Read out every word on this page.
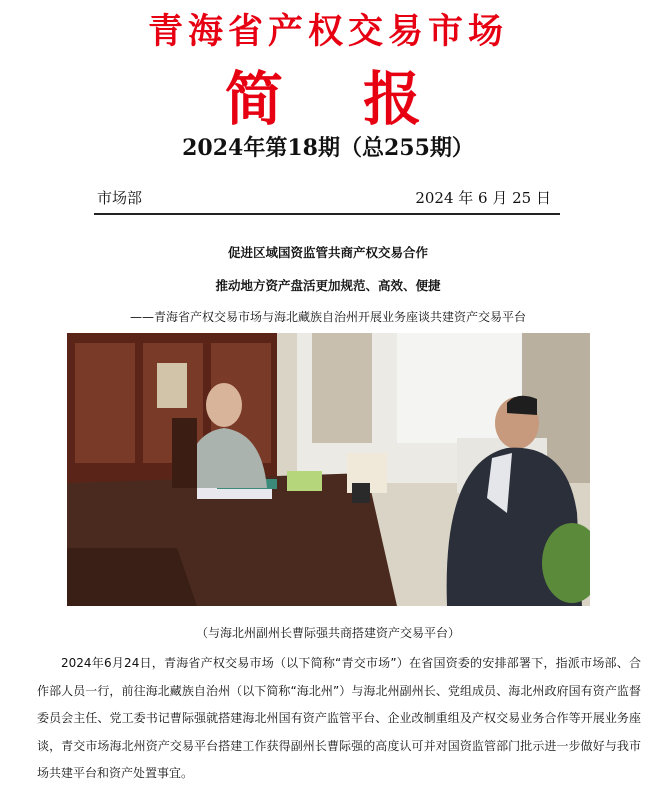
青海省产权交易市场
简 报
2024年第18期（总255期）
市场部	2024 年 6 月 25 日
促进区域国资监管共商产权交易合作
推动地方资产盘活更加规范、高效、便捷
——青海省产权交易市场与海北藏族自治州开展业务座谈共建资产交易平台
（与海北州副州长曹际强共商搭建资产交易平台）

2024年6月24日，青海省产权交易市场（以下简称“青交市场”）在省国资委的安排部署下，指派市场部、合作部人员一行，前往海北藏族自治州（以下简称“海北州”）与海北州副州长、党组成员、海北州政府国有资产监督委员会主任、党工委书记曹际强就搭建海北州国有资产监管平台、企业改制重组及产权交易业务合作等开展业务座谈，青交市场海北州资产交易平台搭建工作获得副州长曹际强的高度认可并对国资监管部门批示进一步做好与我市场共建平台和资产处置事宜。
